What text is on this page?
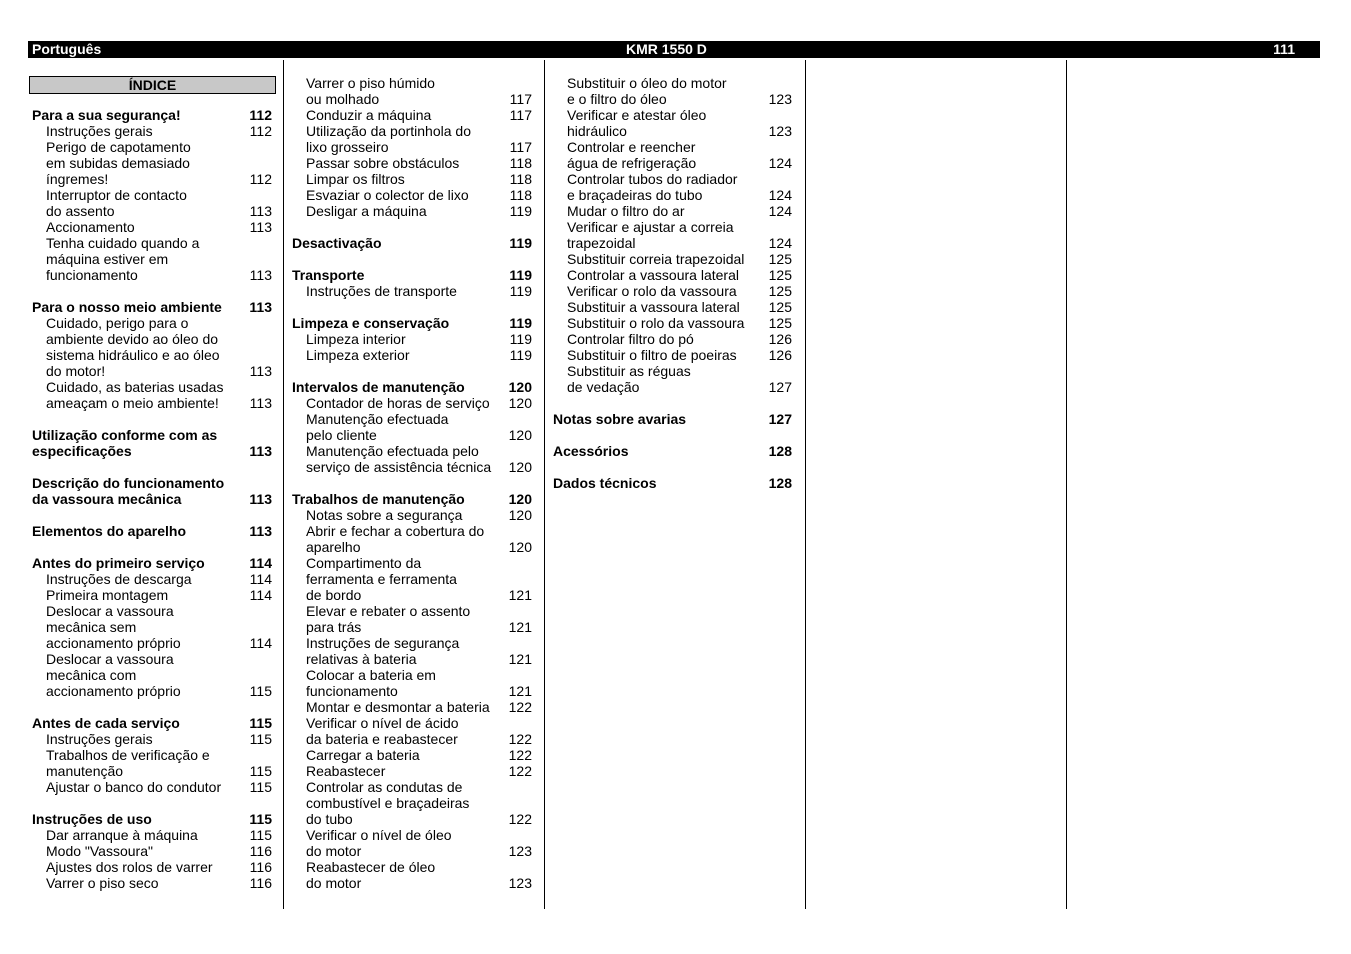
Português	KMR 1550 D	111
ÍNDICE
Para a sua segurança!	112
Instruções gerais	112
Perigo de capotamento
em subidas demasiado
íngremes!	112
Interruptor de contacto
do assento	113
Accionamento	113
Tenha cuidado quando a
máquina estiver em
funcionamento	113
Para o nosso meio ambiente 113
Cuidado, perigo para o
ambiente devido ao óleo do
sistema hidráulico e ao óleo
do motor!	113
Cuidado, as baterias usadas
ameaçam o meio ambiente! 113
Utilização conforme com as
especificações	113
Descrição do funcionamento
da vassoura mecânica	113
Elementos do aparelho	113
Antes do primeiro serviço	114
Instruções de descarga	114
Primeira montagem	114
Deslocar a vassoura
mecânica sem
accionamento próprio	114
Deslocar a vassoura
mecânica com
accionamento próprio	115
Antes de cada serviço	115
Instruções gerais	115
Trabalhos de verificação e
manutenção	115
Ajustar o banco do condutor 115
Instruções de uso	115
Dar arranque à máquina	115
Modo "Vassoura"	116
Ajustes dos rolos de varrer	116
Varrer o piso seco	116
Varrer o piso húmido
ou molhado	117
Conduzir a máquina	117
Utilização da portinhola do
lixo grosseiro	117
Passar sobre obstáculos	118
Limpar os filtros	118
Esvaziar o colector de lixo	118
Desligar a máquina	119
Desactivação	119
Transporte	119
Instruções de transporte	119
Limpeza e conservação	119
Limpeza interior	119
Limpeza exterior	119
Intervalos de manutenção	120
Contador de horas de serviço 120
Manutenção efectuada
pelo cliente	120
Manutenção efectuada pelo
serviço de assistência técnica 120
Trabalhos de manutenção	120
Notas sobre a segurança	120
Abrir e fechar a cobertura do
aparelho	120
Compartimento da
ferramenta e ferramenta
de bordo	121
Elevar e rebater o assento
para trás	121
Instruções de segurança
relativas à bateria	121
Colocar a bateria em
funcionamento	121
Montar e desmontar a bateria 122
Verificar o nível de ácido
da bateria e reabastecer	122
Carregar a bateria	122
Reabastecer	122
Controlar as condutas de
combustível e braçadeiras
do tubo	122
Verificar o nível de óleo
do motor	123
Reabastecer de óleo
do motor	123
Substituir o óleo do motor
e o filtro do óleo	123
Verificar e atestar óleo
hidráulico	123
Controlar e reencher
água de refrigeração	124
Controlar tubos do radiador
e braçadeiras do tubo	124
Mudar o filtro do ar	124
Verificar e ajustar a correia
trapezoidal	124
Substituir correia trapezoidal 125
Controlar a vassoura lateral 125
Verificar o rolo da vassoura 125
Substituir a vassoura lateral 125
Substituir o rolo da vassoura 125
Controlar filtro do pó	126
Substituir o filtro de poeiras 126
Substituir as réguas
de vedação	127
Notas sobre avarias	127
Acessórios	128
Dados técnicos	128
